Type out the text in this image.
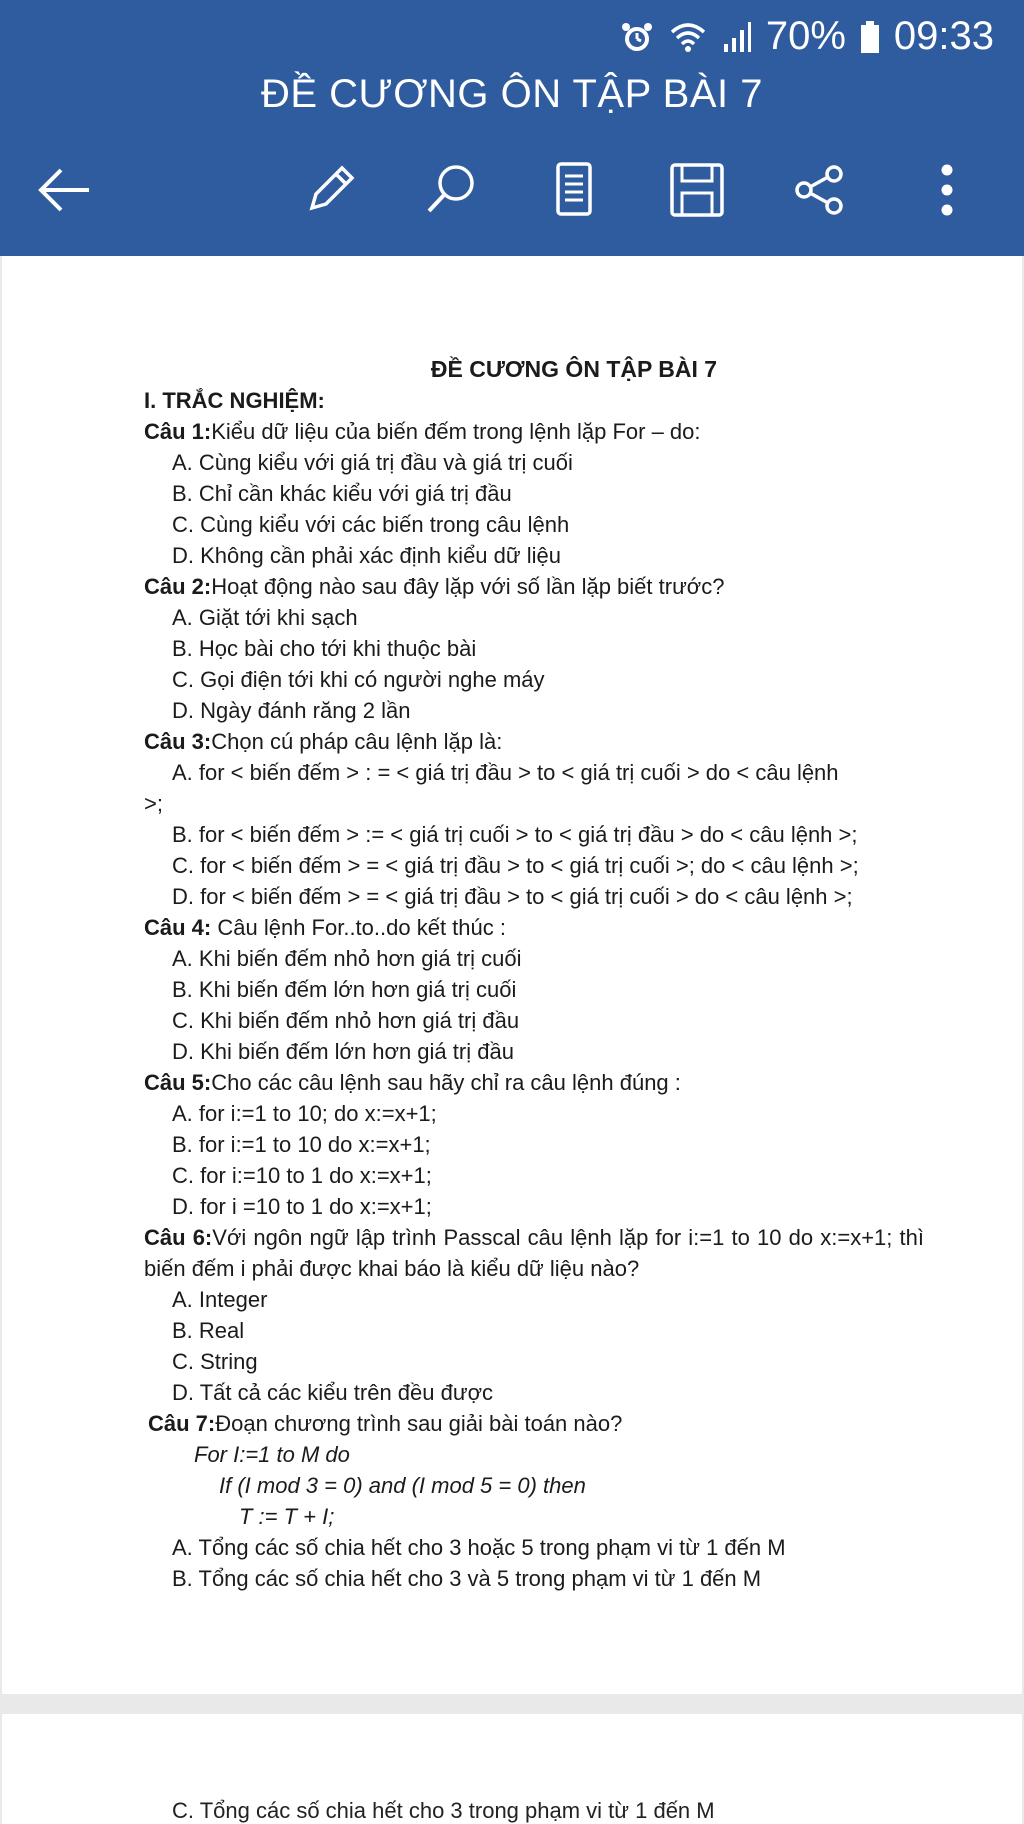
70% 09:33
ĐỀ CƯƠNG ÔN TẬP BÀI 7
ĐỀ CƯƠNG ÔN TẬP BÀI 7
I. TRẮC NGHIỆM:
Câu 1:Kiểu dữ liệu của biến đếm trong lệnh lặp For – do:
A. Cùng kiểu với giá trị đầu và giá trị cuối
B. Chỉ cần khác kiểu với giá trị đầu
C. Cùng kiểu với các biến trong câu lệnh
D. Không cần phải xác định kiểu dữ liệu
Câu 2:Hoạt động nào sau đây lặp với số lần lặp biết trước?
A. Giặt tới khi sạch
B. Học bài cho tới khi thuộc bài
C. Gọi điện tới khi có người nghe máy
D. Ngày đánh răng 2 lần
Câu 3:Chọn cú pháp câu lệnh lặp là:
A. for < biến đếm > : = < giá trị đầu > to < giá trị cuối > do < câu lệnh
>;
B. for < biến đếm > := < giá trị cuối > to < giá trị đầu > do < câu lệnh >;
C. for < biến đếm > = < giá trị đầu > to < giá trị cuối >; do < câu lệnh >;
D. for < biến đếm > = < giá trị đầu > to < giá trị cuối > do < câu lệnh >;
Câu 4: Câu lệnh For..to..do kết thúc :
A. Khi biến đếm nhỏ hơn giá trị cuối
B. Khi biến đếm lớn hơn giá trị cuối
C. Khi biến đếm nhỏ hơn giá trị đầu
D. Khi biến đếm lớn hơn giá trị đầu
Câu 5:Cho các câu lệnh sau hãy chỉ ra câu lệnh đúng :
A. for i:=1 to 10; do x:=x+1;
B. for i:=1 to 10 do x:=x+1;
C. for i:=10 to 1 do x:=x+1;
D. for i =10 to 1 do x:=x+1;
Câu 6:Với ngôn ngữ lập trình Passcal câu lệnh lặp for i:=1 to 10 do x:=x+1; thì biến đếm i phải được khai báo là kiểu dữ liệu nào?
A. Integer
B. Real
C. String
D. Tất cả các kiểu trên đều được
Câu 7:Đoạn chương trình sau giải bài toán nào?
For I:=1 to M do
If (I mod 3 = 0) and (I mod 5 = 0) then
T := T + I;
A. Tổng các số chia hết cho 3 hoặc 5 trong phạm vi từ 1 đến M
B. Tổng các số chia hết cho 3 và 5 trong phạm vi từ 1 đến M
C. Tổng các số chia hết cho 3 trong phạm vi từ 1 đến M
